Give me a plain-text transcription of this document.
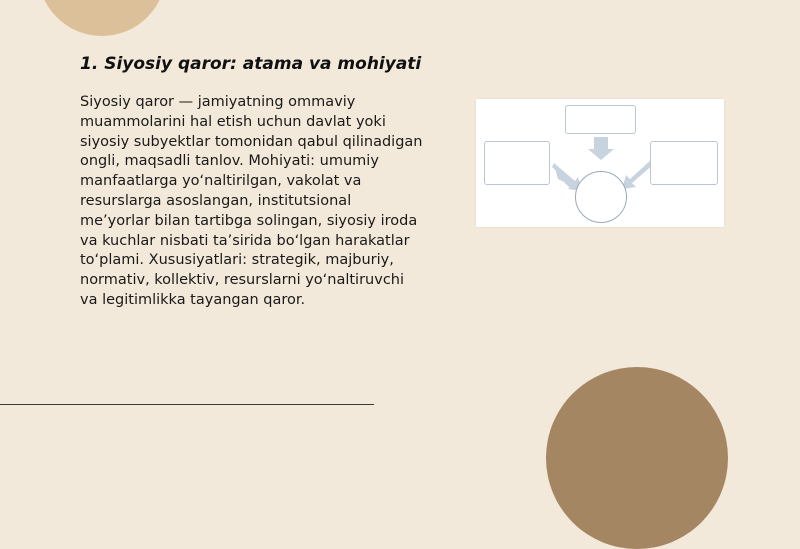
1. Siyosiy qaror: atama va mohiyati

Siyosiy qaror — jamiyatning ommaviy muammolarini hal etish uchun davlat yoki siyosiy subyektlar tomonidan qabul qilinadigan ongli, maqsadli tanlov. Mohiyati: umumiy manfaatlarga yo‘naltirilgan, vakolat va resurslarga asoslangan, institutsional me’yorlar bilan tartibga solingan, siyosiy iroda va kuchlar nisbati ta’sirida bo‘lgan harakatlar to‘plami. Xususiyatlari: strategik, majburiy, normativ, kollektiv, resurslarni yo‘naltiruvchi va legitimlikka tayangan qaror.
